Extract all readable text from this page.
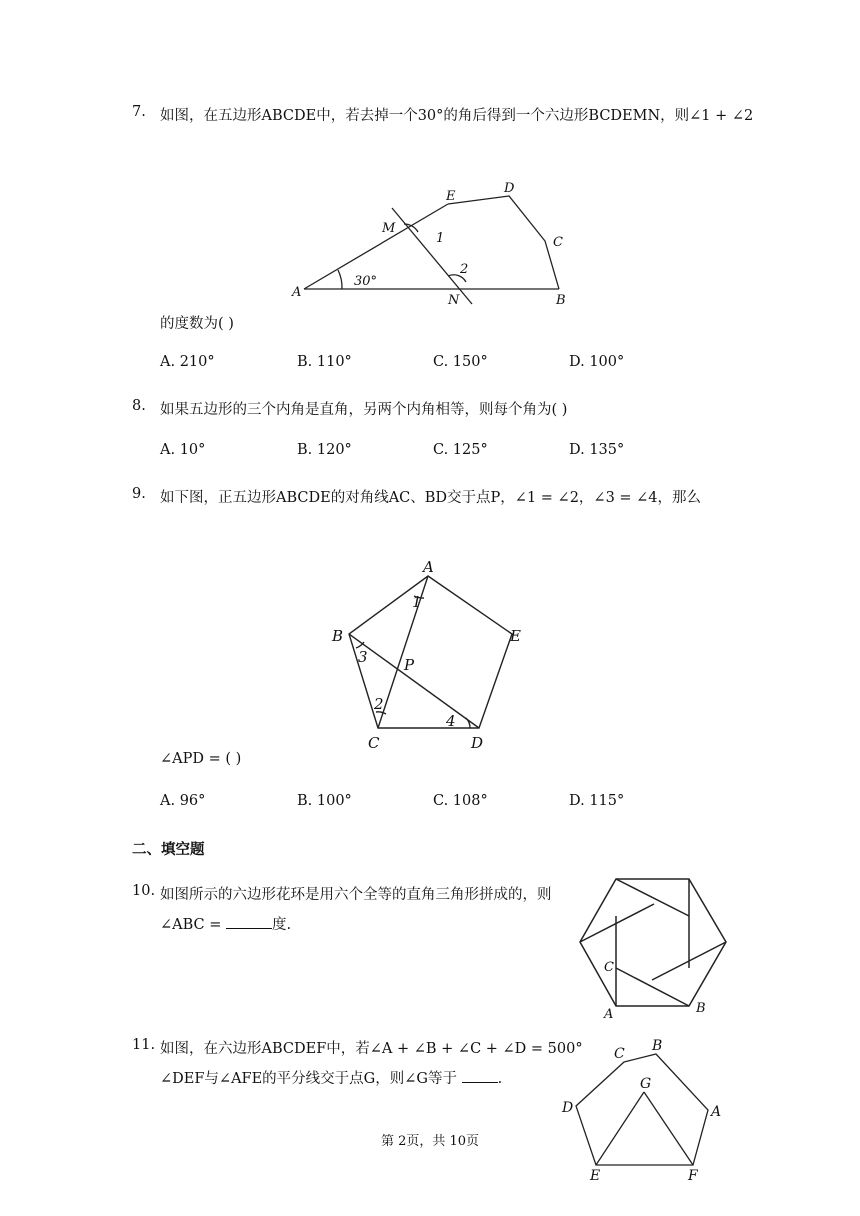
7. 如图，在五边形ABCDE中，若去掉一个30°的角后得到一个六边形BCDEMN，则∠1 + ∠2
A
N	B
C
D
E
M
1
2
30°
的度数为( )
A. 210°	B. 110°	C. 150°	D. 100°
8. 如果五边形的三个内角是直角，另两个内角相等，则每个角为( )
A. 10°	B. 120°	C. 125°	D. 135°
9. 如下图，正五边形ABCDE的对角线AC、BD交于点P，∠1 = ∠2，∠3 = ∠4，那么
A
B
C	D
E
P
1
2
3
4
∠APD = ( )
A. 96°	B. 100°	C. 108°	D. 115°
二、填空题
10. 如图所示的六边形花环是用六个全等的直角三角形拼成的，则
∠ABC =	度.
C
A	B
11. 如图，在六边形ABCDEF中，若∠A + ∠B + ∠C + ∠D = 500°
∠DEF与∠AFE的平分线交于点G，则∠G等于	.
C B
G
D	A
E	F
第 2页，共 10页
